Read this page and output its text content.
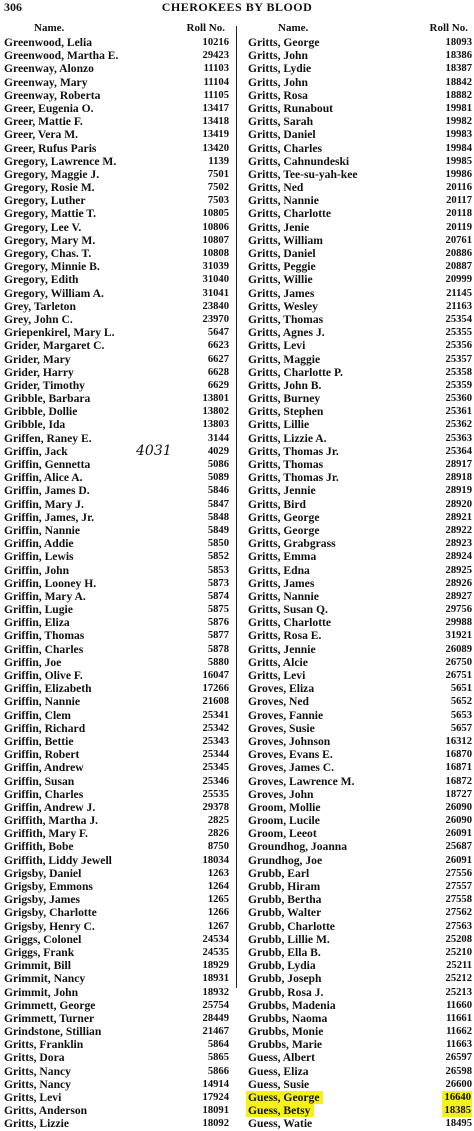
306	CHEROKEES BY BLOOD
Name.	Roll No.
Greenwood, Lelia	10216
Greenwood, Martha E.	29423
Greenway, Alonzo	11103
Greenway, Mary	11104
Greenway, Roberta	11105
Greer, Eugenia O.	13417
Greer, Mattie F.	13418
Greer, Vera M.	13419
Greer, Rufus Paris	13420
Gregory, Lawrence M.	1139
Gregory, Maggie J.	7501
Gregory, Rosie M.	7502
Gregory, Luther	7503
Gregory, Mattie T.	10805
Gregory, Lee V.	10806
Gregory, Mary M.	10807
Gregory, Chas. T.	10808
Gregory, Minnie B.	31039
Gregory, Edith	31040
Gregory, William A.	31041
Grey, Tarleton	23840
Grey, John C.	23970
Griepenkirel, Mary L.	5647
Grider, Margaret C.	6623
Grider, Mary	6627
Grider, Harry	6628
Grider, Timothy	6629
Gribble, Barbara	13801
Gribble, Dollie	13802
Gribble, Ida	13803
Griffen, Raney E.	3144
Griffin, Jack	4029
4031
Griffin, Gennetta	5086
Griffin, Alice A.	5089
Griffin, James D.	5846
Griffin, Mary J.	5847
Griffin, James, Jr.	5848
Griffin, Nannie	5849
Griffin, Addie	5850
Griffin, Lewis	5852
Griffin, John	5853
Griffin, Looney H.	5873
Griffin, Mary A.	5874
Griffin, Lugie	5875
Griffin, Eliza	5876
Griffin, Thomas	5877
Griffin, Charles	5878
Griffin, Joe	5880
Griffin, Olive F.	16047
Griffin, Elizabeth	17266
Griffin, Nannie	21608
Griffin, Clem	25341
Griffin, Richard	25342
Griffin, Bettie	25343
Griffin, Robert	25344
Griffin, Andrew	25345
Griffin, Susan	25346
Griffin, Charles	25535
Griffin, Andrew J.	29378
Griffith, Martha J.	2825
Griffith, Mary F.	2826
Griffith, Bobe	8750
Griffith, Liddy Jewell	18034
Grigsby, Daniel	1263
Grigsby, Emmons	1264
Grigsby, James	1265
Grigsby, Charlotte	1266
Grigsby, Henry C.	1267
Griggs, Colonel	24534
Griggs, Frank	24535
Grimmit, Bill	18929
Grimmit, Nancy	18931
Grimmit, John	18932
Grimmett, George	25754
Grimmett, Turner	28449
Grindstone, Stillian	21467
Gritts, Franklin	5864
Gritts, Dora	5865
Gritts, Nancy	5866
Gritts, Nancy	14914
Gritts, Levi	17924
Gritts, Anderson	18091
Gritts, Lizzie	18092
Name.	Roll No.
Gritts, George	18093
Gritts, John	18386
Gritts, Lydie	18387
Gritts, John	18842
Gritts, Rosa	18882
Gritts, Runabout	19981
Gritts, Sarah	19982
Gritts, Daniel	19983
Gritts, Charles	19984
Gritts, Cahnundeski	19985
Gritts, Tee-su-yah-kee	19986
Gritts, Ned	20116
Gritts, Nannie	20117
Gritts, Charlotte	20118
Gritts, Jenie	20119
Gritts, William	20761
Gritts, Daniel	20886
Gritts, Peggie	20887
Gritts, Willie	20999
Gritts, James	21145
Gritts, Wesley	21163
Gritts, Thomas	25354
Gritts, Agnes J.	25355
Gritts, Levi	25356
Gritts, Maggie	25357
Gritts, Charlotte P.	25358
Gritts, John B.	25359
Gritts, Burney	25360
Gritts, Stephen	25361
Gritts, Lillie	25362
Gritts, Lizzie A.	25363
Gritts, Thomas Jr.	25364
Gritts, Thomas	28917
Gritts, Thomas Jr.	28918
Gritts, Jennie	28919
Gritts, Bird	28920
Gritts, George	28921
Gritts, George	28922
Gritts, Grabgrass	28923
Gritts, Emma	28924
Gritts, Edna	28925
Gritts, James	28926
Gritts, Nannie	28927
Gritts, Susan Q.	29756
Gritts, Charlotte	29988
Gritts, Rosa E.	31921
Gritts, Jennie	26089
Gritts, Alcie	26750
Gritts, Levi	26751
Groves, Eliza	5651
Groves, Ned	5652
Groves, Fannie	5653
Groves, Susie	5657
Groves, Johnson	16312
Groves, Evans E.	16870
Groves, James C.	16871
Groves, Lawrence M.	16872
Groves, John	18727
Groom, Mollie	26090
Groom, Lucile	26090
Groom, Leeot	26091
Groundhog, Joanna	25687
Grundhog, Joe	26091
Grubb, Earl	27556
Grubb, Hiram	27557
Grubb, Bertha	27558
Grubb, Walter	27562
Grubb, Charlotte	27563
Grubb, Lillie M.	25208
Grubb, Ella B.	25210
Grubb, Lydia	25211
Grubb, Joseph	25212
Grubb, Rosa J.	25213
Grubbs, Madenia	11660
Grubbs, Naoma	11661
Grubbs, Monie	11662
Grubbs, Marie	11663
Guess, Albert	26597
Guess, Eliza	26598
Guess, Susie	26600
Guess, George	16640
Guess, Betsy	18385
Guess, Watie	18495
